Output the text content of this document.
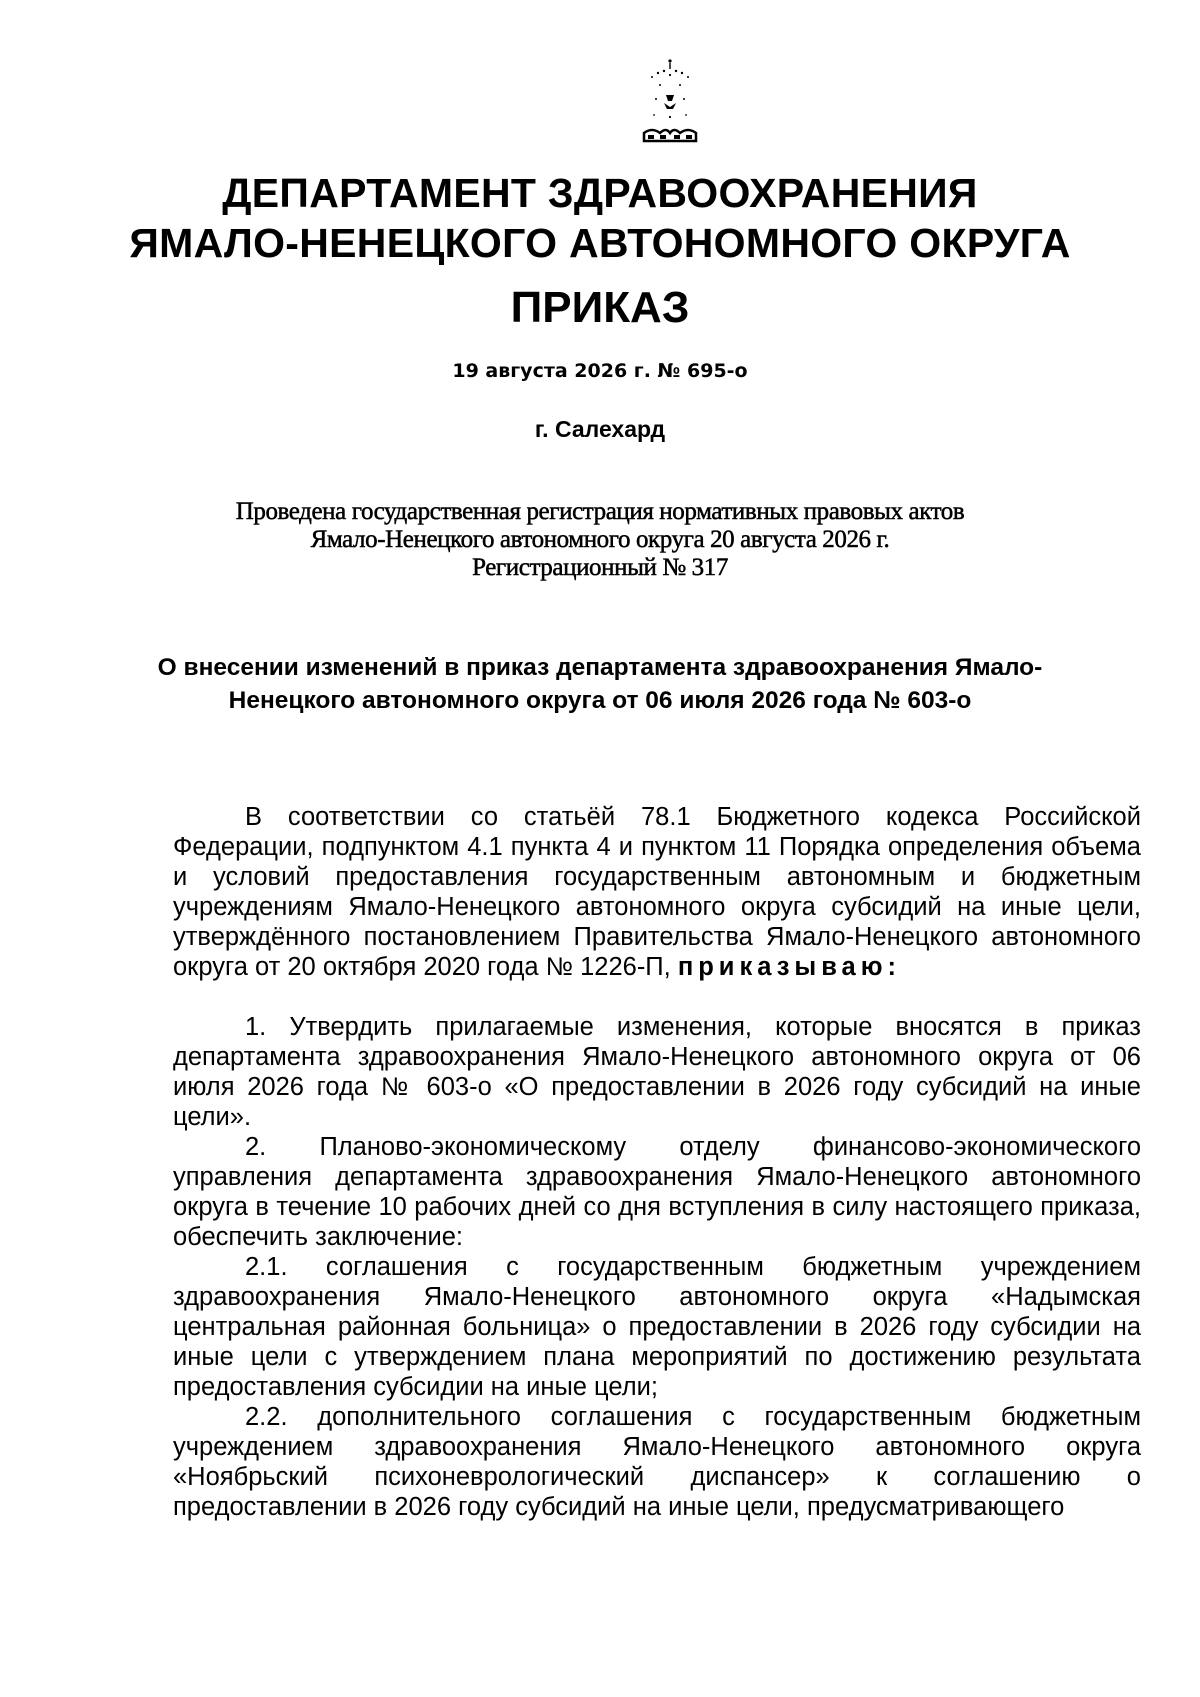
ДЕПАРТАМЕНТ ЗДРАВООХРАНЕНИЯ
ЯМАЛО-НЕНЕЦКОГО АВТОНОМНОГО ОКРУГА
ПРИКАЗ
19 августа 2026 г. № 695-о
г. Салехард
Проведена государственная регистрация нормативных правовых актов
Ямало-Ненецкого автономного округа 20 августа 2026 г.
Регистрационный № 317
О внесении изменений в приказ департамента здравоохранения Ямало-
Ненецкого автономного округа от 06 июля 2026 года № 603-о

В соответствии со статьёй 78.1 Бюджетного кодекса Российской Федерации, подпунктом 4.1 пункта 4 и пунктом 11 Порядка определения объема и условий предоставления государственным автономным и бюджетным учреждениям Ямало-Ненецкого автономного округа субсидий на иные цели, утверждённого постановлением Правительства Ямало-Ненецкого автономного округа от 20 октября 2020 года № 1226-П, приказываю:

1. Утвердить прилагаемые изменения, которые вносятся в приказ департамента здравоохранения Ямало-Ненецкого автономного округа от 06 июля 2026 года № 603-о «О предоставлении в 2026 году субсидий на иные цели».

2. Планово-экономическому отделу финансово-экономического управления департамента здравоохранения Ямало-Ненецкого автономного округа в течение 10 рабочих дней со дня вступления в силу настоящего приказа, обеспечить заключение:

2.1. соглашения с государственным бюджетным учреждением здравоохранения Ямало-Ненецкого автономного округа «Надымская центральная районная больница» о предоставлении в 2026 году субсидии на иные цели с утверждением плана мероприятий по достижению результата предоставления субсидии на иные цели;

2.2. дополнительного соглашения с государственным бюджетным учреждением здравоохранения Ямало-Ненецкого автономного округа «Ноябрьский психоневрологический диспансер» к соглашению о предоставлении в 2026 году субсидий на иные цели, предусматривающего
